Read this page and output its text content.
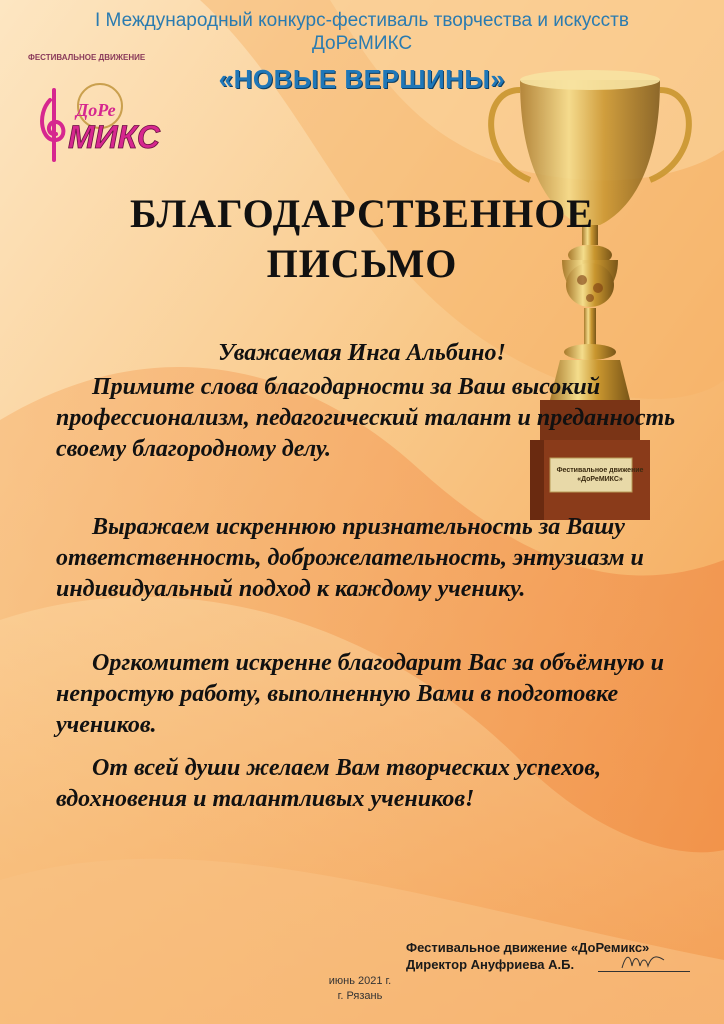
ФЕСТИВАЛЬНОЕ ДВИЖЕНИЕ
ДоРе
МИКС
Фестивальное движение
«ДоРеМИКС»
I Международный конкурс-фестиваль творчества и искусств
ДоРеМИКС
«НОВЫЕ ВЕРШИНЫ»
БЛАГОДАРСТВЕННОЕ
ПИСЬМО
Уважаемая Инга Альбино!
Примите слова благодарности за Ваш высокий профессионализм, педагогический талант и преданность своему благородному делу.
Выражаем искреннюю признательность за Вашу ответственность, доброжелательность, энтузиазм и индивидуальный подход к каждому ученику.
Оргкомитет искренне благодарит Вас за объёмную и непростую работу, выполненную Вами в подготовке учеников.
От всей души желаем Вам творческих успехов, вдохновения и талантливых учеников!
Фестивальное движение «ДоРемикс»
Директор Ануфриева А.Б.
июнь 2021 г.
г. Рязань
